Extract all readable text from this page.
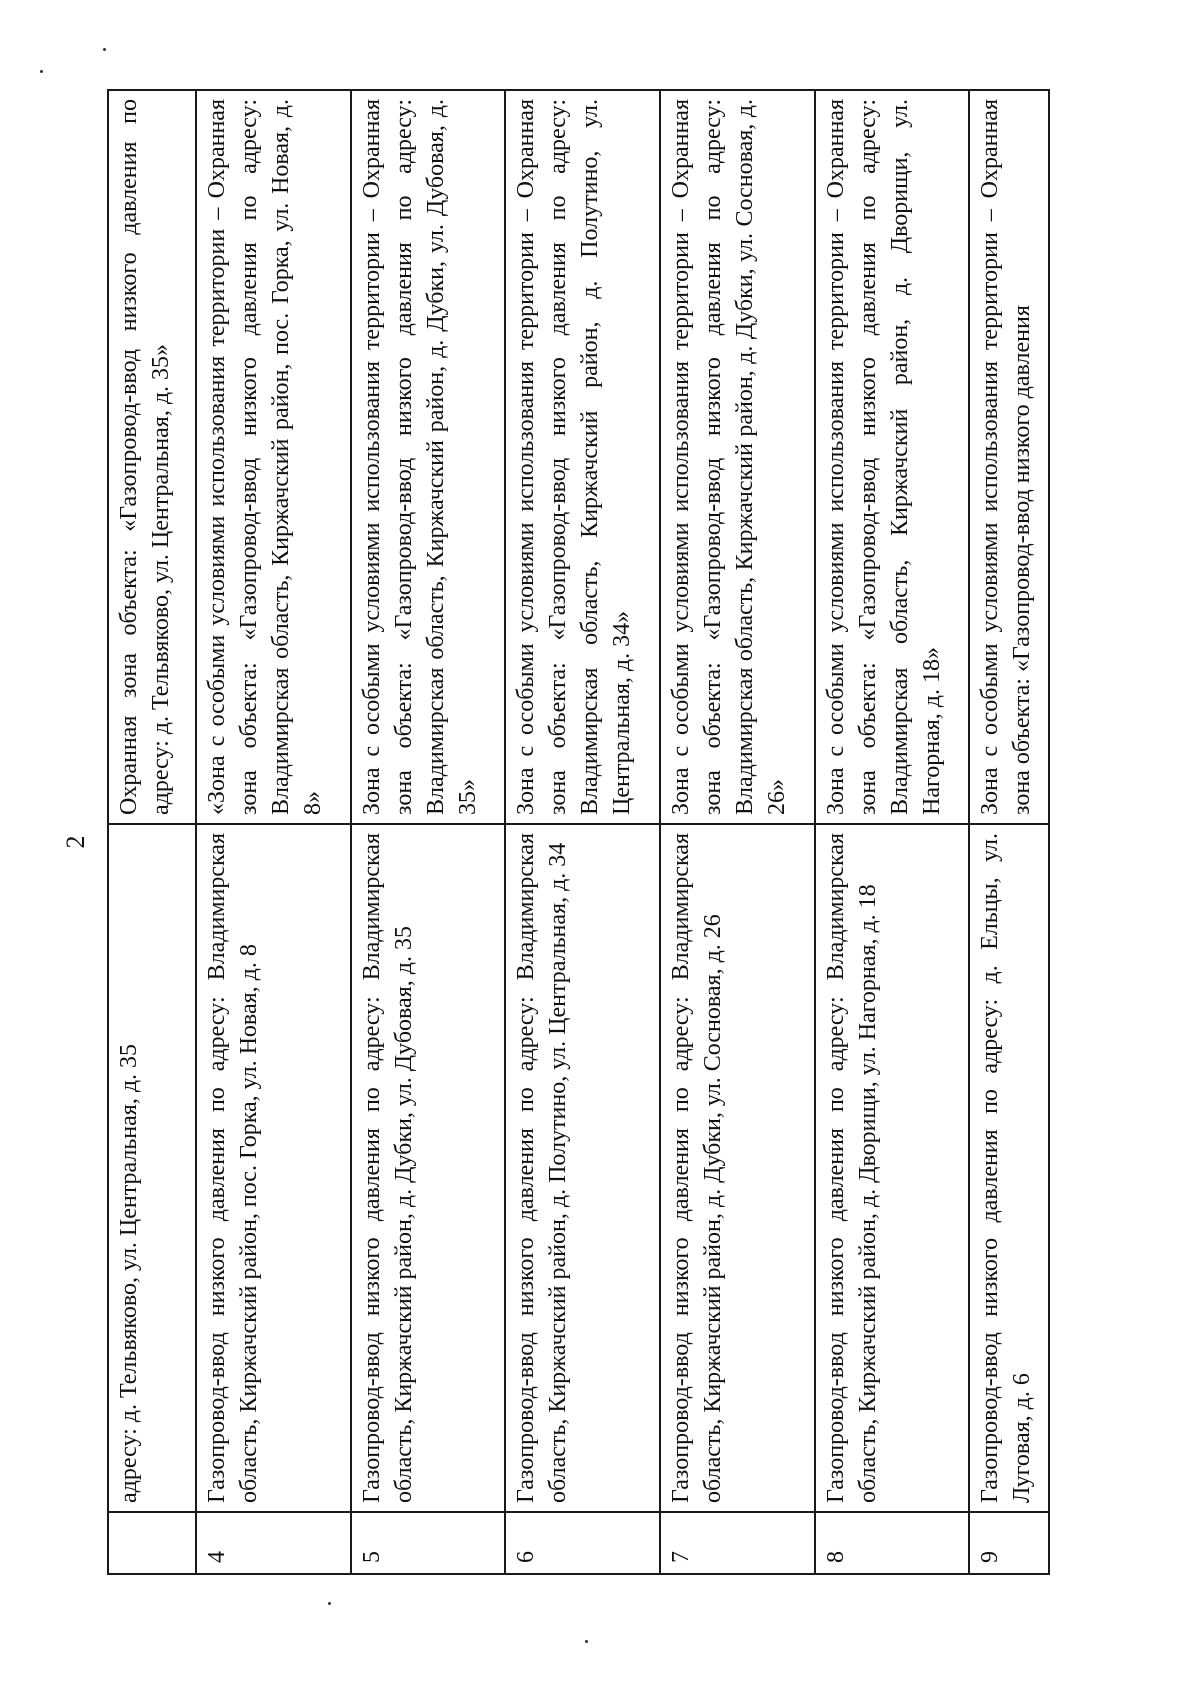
2
	адресу: д. Тельвяково, ул. Центральная, д. 35	Охранная зона объекта: «Газопровод-ввод низкого давления по адресу: д. Тельвяково, ул. Центральная, д. 35»
4	Газопровод-ввод низкого давления по адресу: Владимирская область, Киржачский район, пос. Горка, ул. Новая, д. 8	«Зона с особыми условиями использования территории – Охранная зона объекта: «Газопровод-ввод низкого давления по адресу: Владимирская область, Киржачский район, пос. Горка, ул. Новая, д. 8»
5	Газопровод-ввод низкого давления по адресу: Владимирская область, Киржачский район, д. Дубки, ул. Дубовая, д. 35	Зона с особыми условиями использования территории – Охранная зона объекта: «Газопровод-ввод низкого давления по адресу: Владимирская область, Киржачский район, д. Дубки, ул. Дубовая, д. 35»
6	Газопровод-ввод низкого давления по адресу: Владимирская область, Киржачский район, д. Полутино, ул. Центральная, д. 34	Зона с особыми условиями использования территории – Охранная зона объекта: «Газопровод-ввод низкого давления по адресу: Владимирская область, Киржачский район, д. Полутино, ул. Центральная, д. 34»
7	Газопровод-ввод низкого давления по адресу: Владимирская область, Киржачский район, д. Дубки, ул. Сосновая, д. 26	Зона с особыми условиями использования территории – Охранная зона объекта: «Газопровод-ввод низкого давления по адресу: Владимирская область, Киржачский район, д. Дубки, ул. Сосновая, д. 26»
8	Газопровод-ввод низкого давления по адресу: Владимирская область, Киржачский район, д. Дворищи, ул. Нагорная, д. 18	Зона с особыми условиями использования территории – Охранная зона объекта: «Газопровод-ввод низкого давления по адресу: Владимирская область, Киржачский район, д. Дворищи, ул. Нагорная, д. 18»
9	Газопровод-ввод низкого давления по адресу: д. Ельцы, ул. Луговая, д. 6	Зона с особыми условиями использования территории – Охранная зона объекта: «Газопровод-ввод низкого давления
